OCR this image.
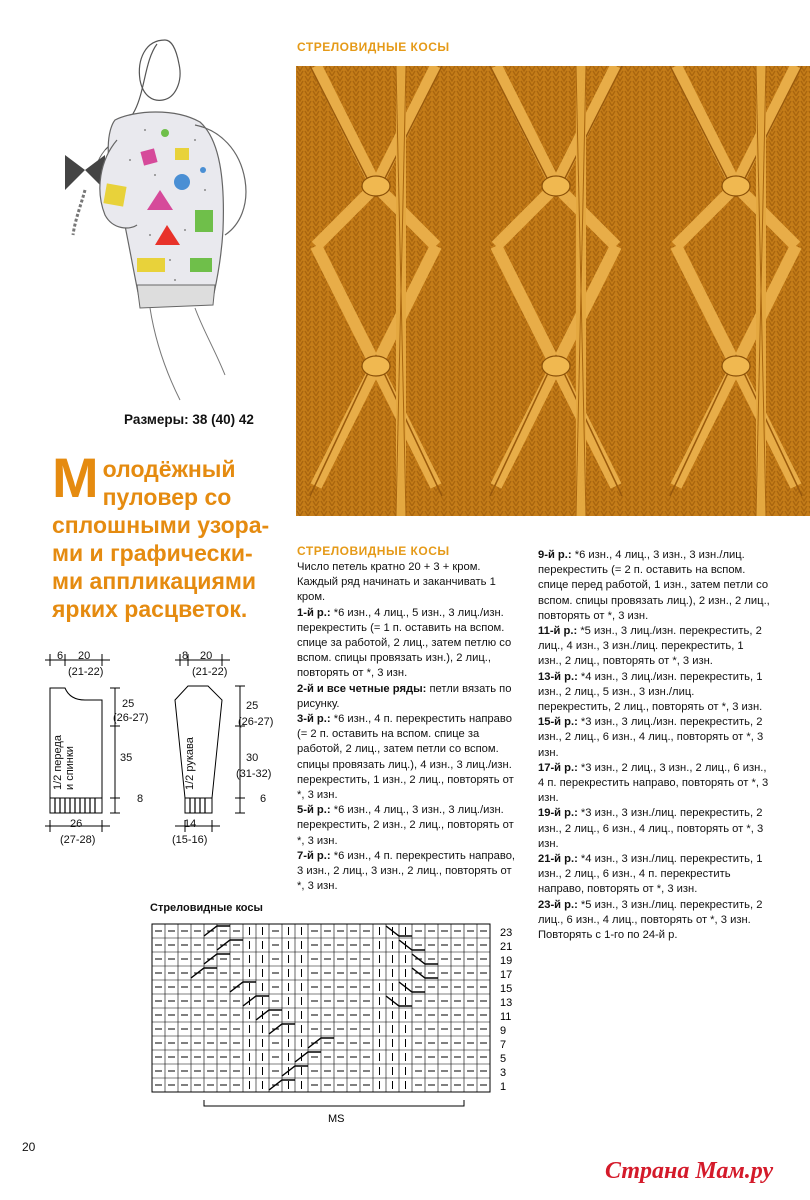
Размеры: 38 (40) 42
СТРЕЛОВИДНЫЕ КОСЫ
М олодёжный
пуловер со
сплошными узора-
ми и графически-
ми аппликациями
ярких расцветок.
6 20
(21-22)
25
(26-27)
35
8
26
(27-28)
1/2 переда и спинки
8 20
(21-22)
25
(26-27)
30
(31-32)
6
14
(15-16)
1/2 рукава
СТРЕЛОВИДНЫЕ КОСЫ

Число петель кратно 20 + 3 + кром. Каждый ряд начинать и заканчивать 1 кром.

1-й р.: *6 изн., 4 лиц., 5 изн., 3 лиц./изн. перекрестить (= 1 п. оставить на вспом. спице за работой, 2 лиц., затем петлю со вспом. спицы провязать изн.), 2 лиц., повторять от *, 3 изн.

2-й и все четные ряды: петли вязать по рисунку.

3-й р.: *6 изн., 4 п. перекрестить направо (= 2 п. оставить на вспом. спице за работой, 2 лиц., затем петли со вспом. спицы провязать лиц.), 4 изн., 3 лиц./изн. перекрестить, 1 изн., 2 лиц., повторять от *, 3 изн.

5-й р.: *6 изн., 4 лиц., 3 изн., 3 лиц./изн. перекрестить, 2 изн., 2 лиц., повторять от *, 3 изн.

7-й р.: *6 изн., 4 п. перекрестить направо, 3 изн., 2 лиц., 3 изн., 2 лиц., повторять от *, 3 изн.

9-й р.: *6 изн., 4 лиц., 3 изн., 3 изн./лиц. перекрестить (= 2 п. оставить на вспом. спице перед работой, 1 изн., затем петли со вспом. спицы провязать лиц.), 2 изн., 2 лиц., повторять от *, 3 изн.

11-й р.: *5 изн., 3 лиц./изн. перекрестить, 2 лиц., 4 изн., 3 изн./лиц. перекрестить, 1 изн., 2 лиц., повторять от *, 3 изн.

13-й р.: *4 изн., 3 лиц./изн. перекрестить, 1 изн., 2 лиц., 5 изн., 3 изн./лиц. перекрестить, 2 лиц., повторять от *, 3 изн.

15-й р.: *3 изн., 3 лиц./изн. перекрестить, 2 изн., 2 лиц., 6 изн., 4 лиц., повторять от *, 3 изн.

17-й р.: *3 изн., 2 лиц., 3 изн., 2 лиц., 6 изн., 4 п. перекрестить направо, повторять от *, 3 изн.

19-й р.: *3 изн., 3 изн./лиц. перекрестить, 2 изн., 2 лиц., 6 изн., 4 лиц., повторять от *, 3 изн.

21-й р.: *4 изн., 3 изн./лиц. перекрестить, 1 изн., 2 лиц., 6 изн., 4 п. перекрестить направо, повторять от *, 3 изн.

23-й р.: *5 изн., 3 изн./лиц. перекрестить, 2 лиц., 6 изн., 4 лиц., повторять от *, 3 изн.

Повторять с 1-го по 24-й р.

Стреловидные косы
23
21
19
17
15
13
11
9
7
5
3
1
MS
20
Страна Мам.ру
